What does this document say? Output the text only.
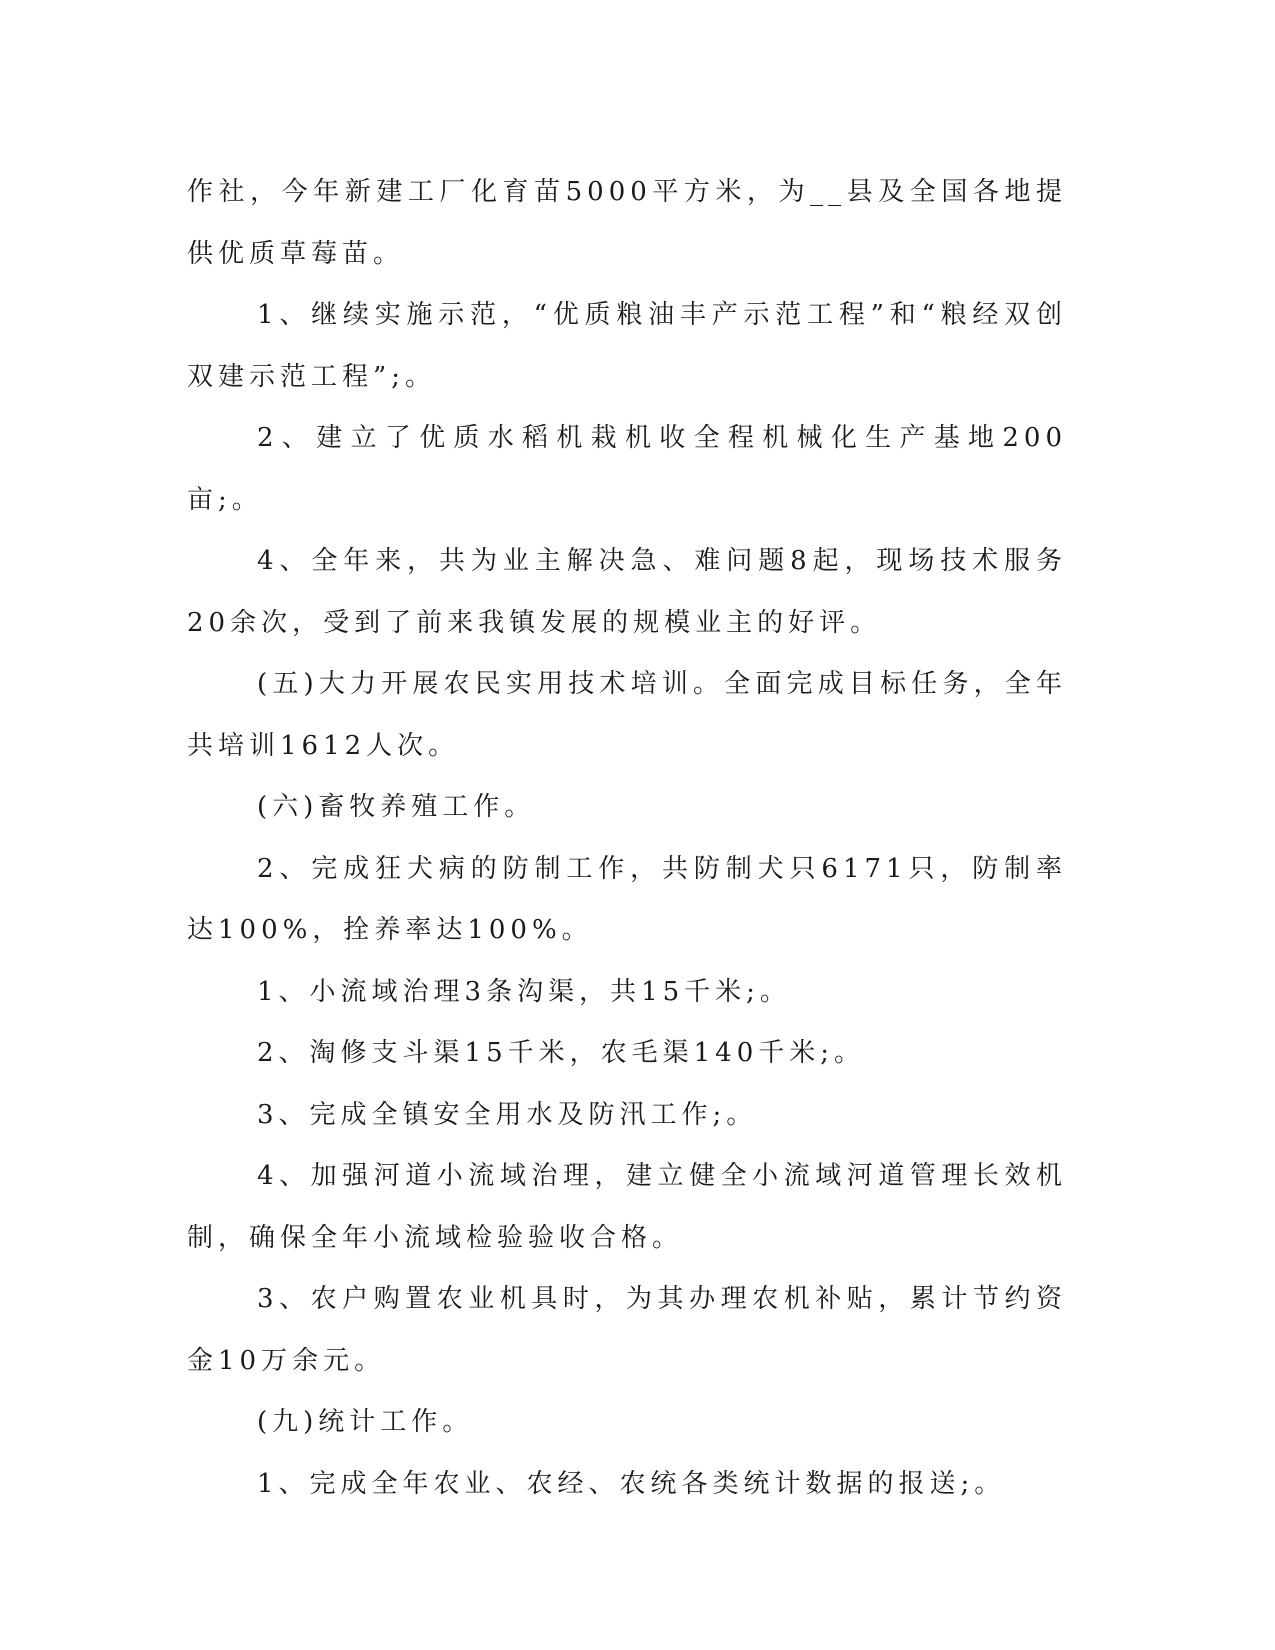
作社，今年新建工厂化育苗5000平方米，为__县及全国各地提供优质草莓苗。

1、继续实施示范，“优质粮油丰产示范工程”和“粮经双创双建示范工程”;。

2、建立了优质水稻机栽机收全程机械化生产基地200亩;。

4、全年来，共为业主解决急、难问题8起，现场技术服务20余次，受到了前来我镇发展的规模业主的好评。

(五)大力开展农民实用技术培训。全面完成目标任务，全年共培训1612人次。

(六)畜牧养殖工作。

2、完成狂犬病的防制工作，共防制犬只6171只，防制率达100%，拴养率达100%。

1、小流域治理3条沟渠，共15千米;。

2、淘修支斗渠15千米，农毛渠140千米;。

3、完成全镇安全用水及防汛工作;。

4、加强河道小流域治理，建立健全小流域河道管理长效机制，确保全年小流域检验验收合格。

3、农户购置农业机具时，为其办理农机补贴，累计节约资金10万余元。

(九)统计工作。

1、完成全年农业、农经、农统各类统计数据的报送;。
